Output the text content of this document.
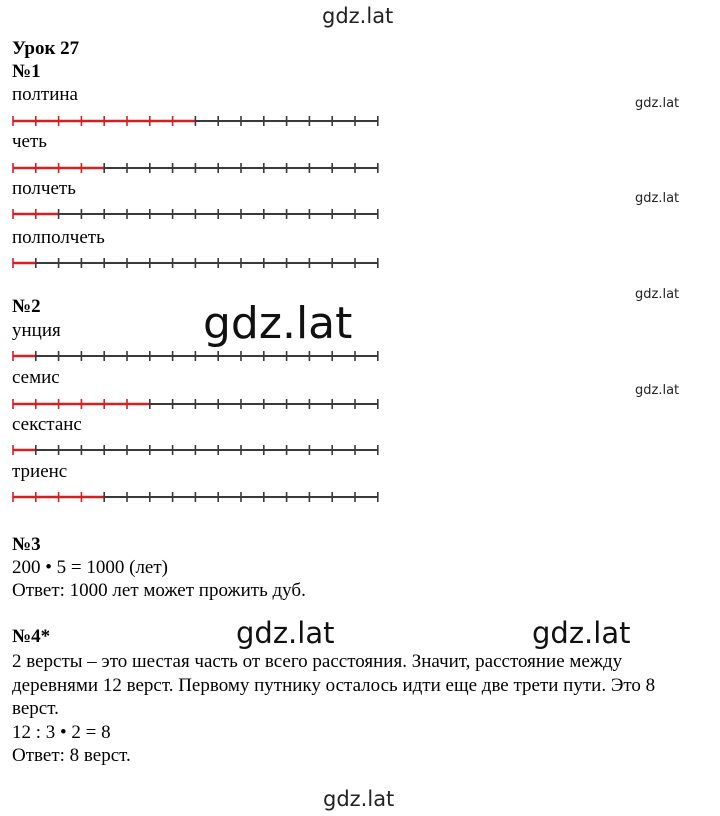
gdz.lat
gdz.lat
gdz.lat
gdz.lat
gdz.lat
gdz.lat
gdz.lat	gdz.lat
gdz.lat
Урок 27
№1
полтина
четь
полчеть
полполчеть
№2
унция
семис
секстанс
триенс
№3
200 • 5 = 1000 (лет)
Ответ: 1000 лет может прожить дуб.
№4*
2 версты – это шестая часть от всего расстояния. Значит, расстояние между
деревнями 12 верст. Первому путнику осталось идти еще две трети пути. Это 8
верст.
12 : 3 • 2 = 8
Ответ: 8 верст.
